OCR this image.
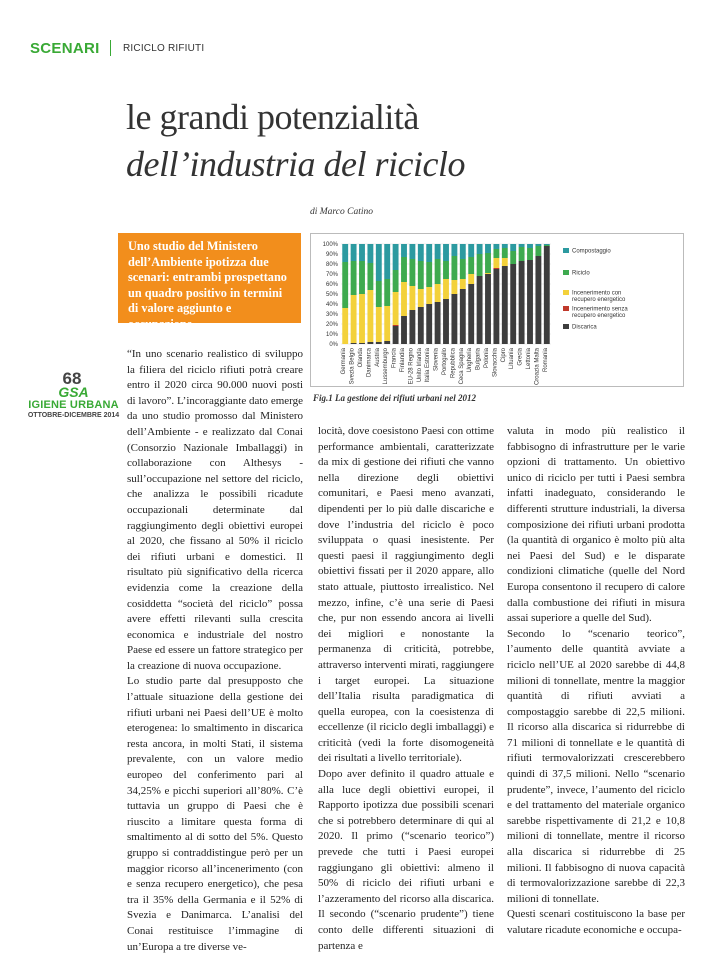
SCENARI RICICLO RIFIUTI
le grandi potenzialità
dell’industria del riciclo
di Marco Catino
Uno studio del Ministero dell’Ambiente ipotizza due scenari: entrambi prospettano un quadro positivo in termini di valore aggiunto e occupazione.
68
GSA
IGIENE URBANA
OTTOBRE-DICEMBRE 2014
0%
10%
20%
30%
40%
50%
60%
70%
80%
90%
100%
Germania Svezia Belgio Olanda Danimarca Austria Lussemburgo Francia Finlandia EU-28 Regno Unito Irlanda Italia Estonia Slovenia Portogallo Repubblica Ceca Spagna Ungheria Bulgaria Polonia Slovacchia Cipro Lituania Grecia Lettonia Croazia Malta Romania
Compostaggio
Riciclo
Incenerimento con
recupero energetico
Incenerimento senza
recupero energetico
Discarica
Fig.1 La gestione dei rifiuti urbani nel 2012

“In uno scenario realistico di sviluppo la filiera del riciclo rifiuti potrà creare entro il 2020 circa 90.000 nuovi posti di lavoro”. L’incoraggiante dato emerge da uno studio promosso dal Ministero dell’Ambiente - e realizzato dal Conai (Consorzio Nazionale Imballaggi) in collaborazione con Althesys - sull’occupazione nel settore del riciclo, che analizza le possibili ricadute occupazionali determinate dal raggiungimento degli obiettivi europei al 2020, che fissano al 50% il riciclo dei rifiuti urbani e domestici. Il risultato più significativo della ricerca evidenzia come la creazione della cosiddetta “società del riciclo” possa avere effetti rilevanti sulla crescita economica e industriale del nostro Paese ed essere un fattore strategico per la creazione di nuova occupazione.

Lo studio parte dal presupposto che l’attuale situazione della gestione dei rifiuti urbani nei Paesi dell’UE è molto eterogenea: lo smaltimento in discarica resta ancora, in molti Stati, il sistema prevalente, con un valore medio europeo del conferimento pari al 34,25% e picchi superiori all’80%. C’è tuttavia un gruppo di Paesi che è riuscito a limitare questa forma di smaltimento al di sotto del 5%. Questo gruppo si contraddistingue però per un maggior ricorso all’incenerimento (con e senza recupero energetico), che pesa tra il 35% della Germania e il 52% di Svezia e Danimarca. L’analisi del Conai restituisce l’immagine di un’Europa a tre diverse ve-

locità, dove coesistono Paesi con ottime performance ambientali, caratterizzate da mix di gestione dei rifiuti che vanno nella direzione degli obiettivi comunitari, e Paesi meno avanzati, dipendenti per lo più dalle discariche e dove l’industria del riciclo è poco sviluppata o quasi inesistente. Per questi paesi il raggiungimento degli obiettivi fissati per il 2020 appare, allo stato attuale, piuttosto irrealistico. Nel mezzo, infine, c’è una serie di Paesi che, pur non essendo ancora ai livelli dei migliori e nonostante la permanenza di criticità, potrebbe, attraverso interventi mirati, raggiungere i target europei. La situazione dell’Italia risulta paradigmatica di quella europea, con la coesistenza di eccellenze (il riciclo degli imballaggi) e criticità (vedi la forte disomogeneità dei risultati a livello territoriale).

Dopo aver definito il quadro attuale e alla luce degli obiettivi europei, il Rapporto ipotizza due possibili scenari che si potrebbero determinare di qui al 2020. Il primo (“scenario teorico”) prevede che tutti i Paesi europei raggiungano gli obiettivi: almeno il 50% di riciclo dei rifiuti urbani e l’azzeramento del ricorso alla discarica. Il secondo (“scenario prudente”) tiene conto delle differenti situazioni di partenza e

valuta in modo più realistico il fabbisogno di infrastrutture per le varie opzioni di trattamento. Un obiettivo unico di riciclo per tutti i Paesi sembra infatti inadeguato, considerando le differenti strutture industriali, la diversa composizione dei rifiuti urbani prodotta (la quantità di organico è molto più alta nei Paesi del Sud) e le disparate condizioni climatiche (quelle del Nord Europa consentono il recupero di calore dalla combustione dei rifiuti in misura assai superiore a quelle del Sud).

Secondo lo “scenario teorico”, l’aumento delle quantità avviate a riciclo nell’UE al 2020 sarebbe di 44,8 milioni di tonnellate, mentre la maggior quantità di rifiuti avviati a compostaggio sarebbe di 22,5 milioni. Il ricorso alla discarica si ridurrebbe di 71 milioni di tonnellate e le quantità di rifiuti termovalorizzati crescerebbero quindi di 37,5 milioni. Nello “scenario prudente”, invece, l’aumento del riciclo e del trattamento del materiale organico sarebbe rispettivamente di 21,2 e 10,8 milioni di tonnellate, mentre il ricorso alla discarica si ridurrebbe di 25 milioni. Il fabbisogno di nuova capacità di termovalorizzazione sarebbe di 22,3 milioni di tonnellate.

Questi scenari costituiscono la base per valutare ricadute economiche e occupa-
